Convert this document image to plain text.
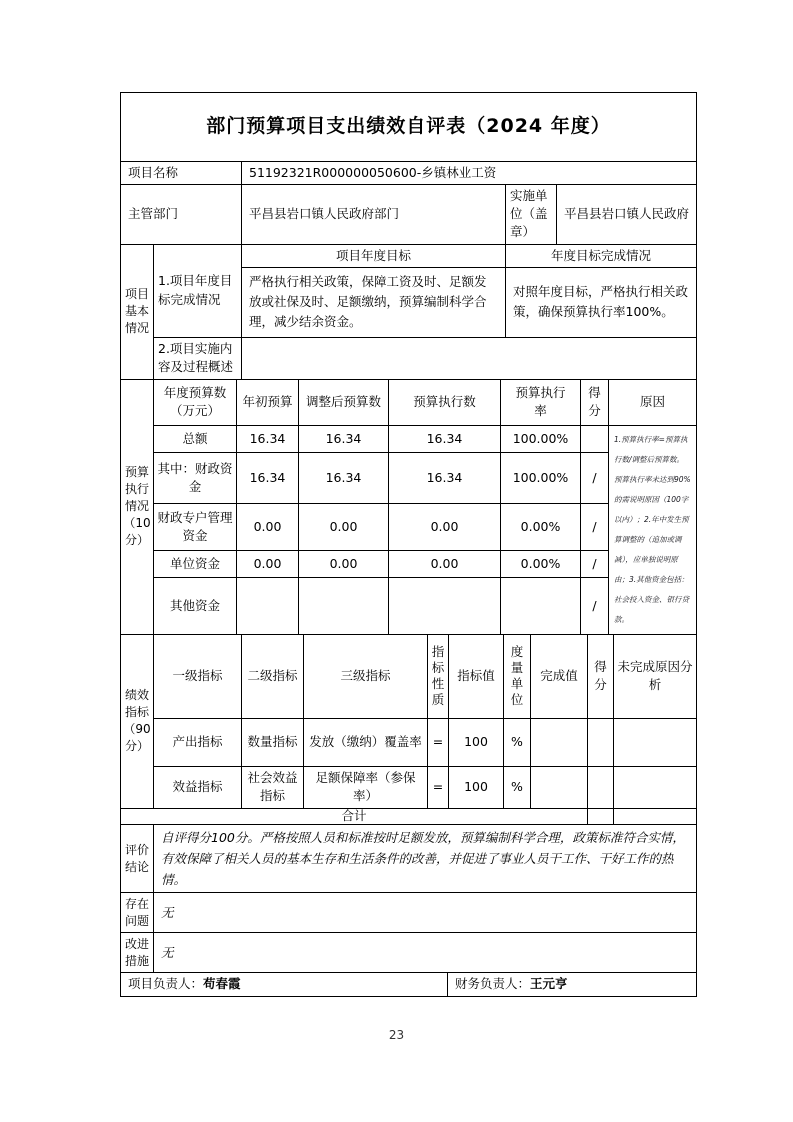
部门预算项目支出绩效自评表（2024 年度）
项目名称	51192321R000000050600-乡镇林业工资
主管部门	平昌县岩口镇人民政府部门	实施单位（盖章）	平昌县岩口镇人民政府
项目基本情况	1.项目年度目标完成情况	项目年度目标	年度目标完成情况
		严格执行相关政策，保障工资及时、足额发放或社保及时、足额缴纳，预算编制科学合理，减少结余资金。	对照年度目标，严格执行相关政策，确保预算执行率100%。
	2.项目实施内容及过程概述		
预算执行情况（10分）	年度预算数（万元）	年初预算	调整后预算数	预算执行数	预算执行率	得分	原因
	总额	16.34	16.34	16.34	100.00%		1.预算执行率=预算执行数/调整后预算数。预算执行率未达到90%的需说明原因（100字以内）；2.年中发生预算调整的（追加或调减），应单独说明原由；3.其他资金包括：社会投入资金、银行贷款。
	其中：财政资金	16.34	16.34	16.34	100.00%	/	
	财政专户管理资金	0.00	0.00	0.00	0.00%	/	
	单位资金	0.00	0.00	0.00	0.00%	/	
	其他资金					/	
绩效指标（90分）	一级指标	二级指标	三级指标	指标性质	指标值	度量单位	完成值	得分	未完成原因分析
	产出指标	数量指标	发放（缴纳）覆盖率	=	100	%			
	效益指标	社会效益指标	足额保障率（参保率）	=	100	%			
合计									
评价结论	自评得分100分。严格按照人员和标准按时足额发放，预算编制科学合理，政策标准符合实情，有效保障了相关人员的基本生存和生活条件的改善，并促进了事业人员干工作、干好工作的热情。
存在问题	无
改进措施	无
项目负责人：苟春霞	财务负责人：王元亨
23
